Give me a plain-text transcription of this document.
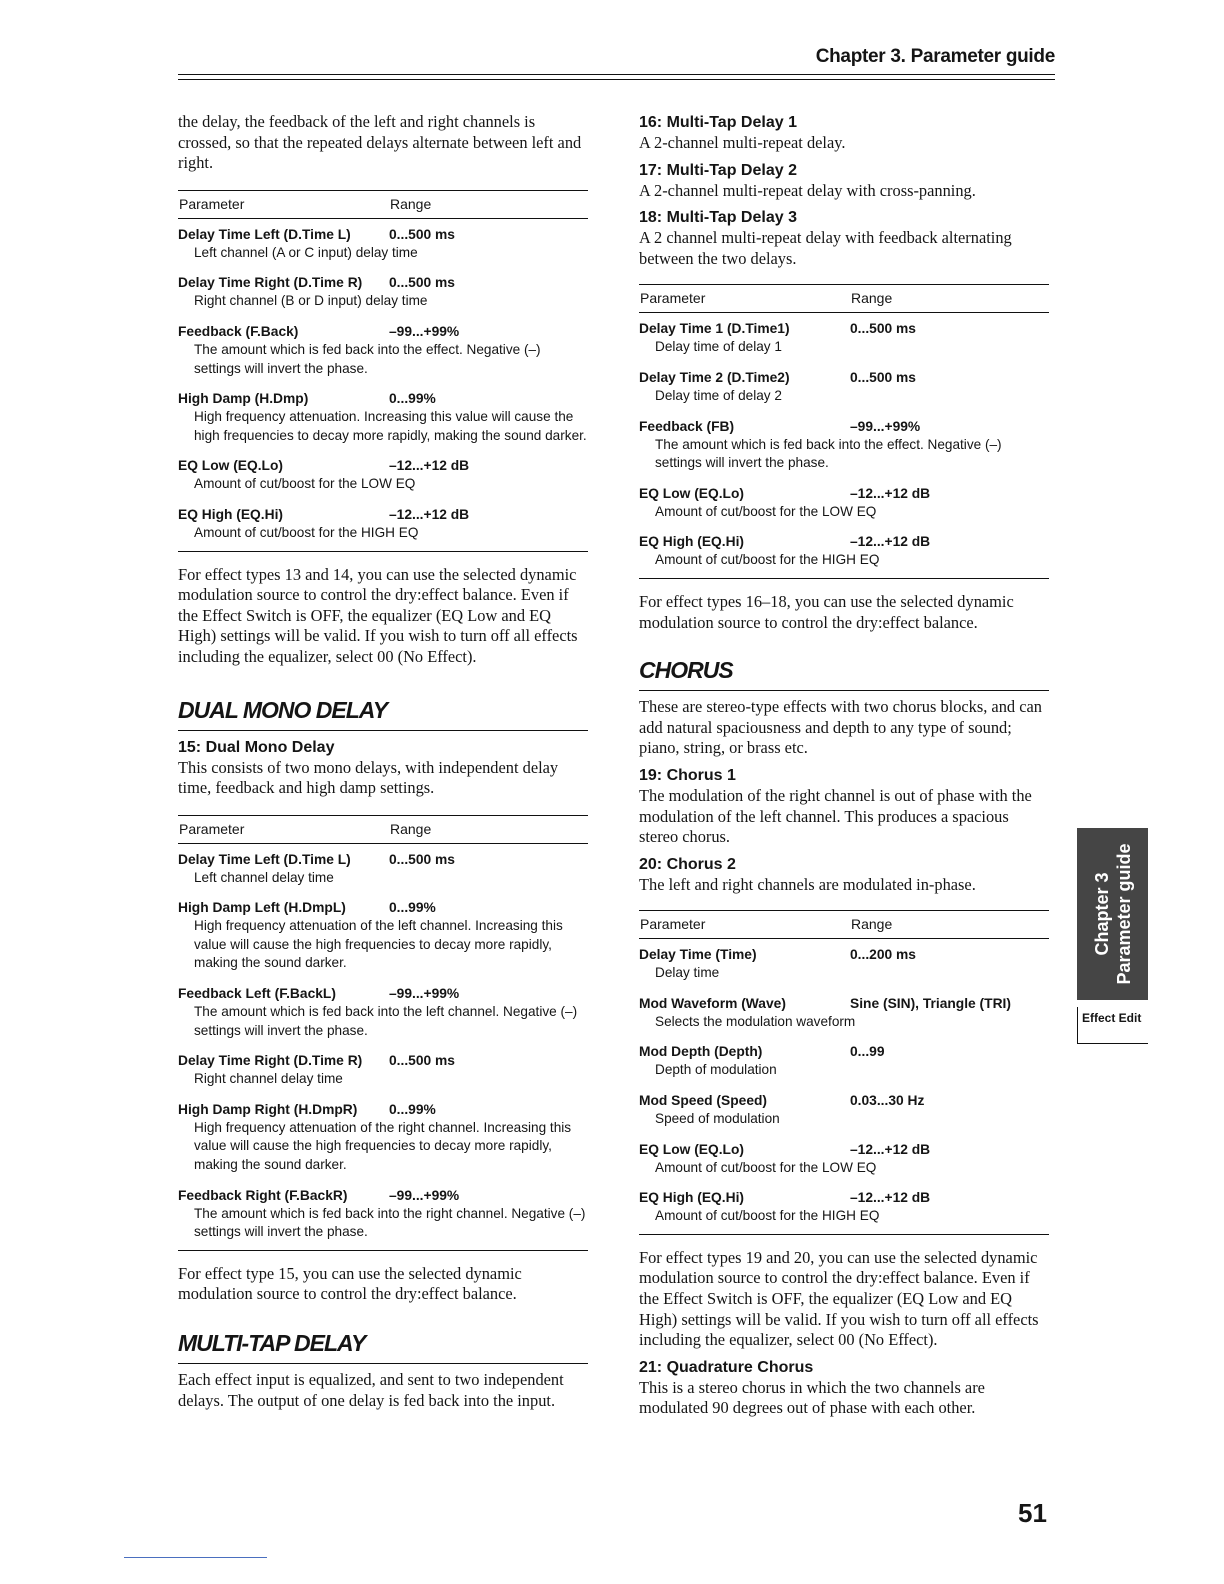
Chapter 3. Parameter guide

the delay, the feedback of the left and right channels is crossed, so that the repeated delays alternate between left and right.

Parameter	Range
Delay Time Left (D.Time L)	0...500 ms
Left channel (A or C input) delay time
Delay Time Right (D.Time R)	0...500 ms
Right channel (B or D input) delay time
Feedback (F.Back)	–99...+99%
The amount which is fed back into the effect. Negative (–) settings will invert the phase.
High Damp (H.Dmp)	0...99%
High frequency attenuation. Increasing this value will cause the high frequencies to decay more rapidly, making the sound darker.
EQ Low (EQ.Lo)	–12...+12 dB
Amount of cut/boost for the LOW EQ
EQ High (EQ.Hi)	–12...+12 dB
Amount of cut/boost for the HIGH EQ

For effect types 13 and 14, you can use the selected dynamic modulation source to control the dry:effect balance. Even if the Effect Switch is OFF, the equalizer (EQ Low and EQ High) settings will be valid. If you wish to turn off all effects including the equalizer, select 00 (No Effect).

DUAL MONO DELAY
15: Dual Mono Delay

This consists of two mono delays, with independent delay time, feedback and high damp settings.

Parameter	Range
Delay Time Left (D.Time L)	0...500 ms
Left channel delay time
High Damp Left (H.DmpL)	0...99%
High frequency attenuation of the left channel. Increasing this value will cause the high frequencies to decay more rapidly, making the sound darker.
Feedback Left (F.BackL)	–99...+99%
The amount which is fed back into the left channel. Negative (–) settings will invert the phase.
Delay Time Right (D.Time R)	0...500 ms
Right channel delay time
High Damp Right (H.DmpR)	0...99%
High frequency attenuation of the right channel. Increasing this value will cause the high frequencies to decay more rapidly, making the sound darker.
Feedback Right (F.BackR)	–99...+99%
The amount which is fed back into the right channel. Negative (–) settings will invert the phase.

For effect type 15, you can use the selected dynamic modulation source to control the dry:effect balance.

MULTI-TAP DELAY

Each effect input is equalized, and sent to two independent delays. The output of one delay is fed back into the input.

16: Multi-Tap Delay 1

A 2-channel multi-repeat delay.

17: Multi-Tap Delay 2

A 2-channel multi-repeat delay with cross-panning.

18: Multi-Tap Delay 3

A 2 channel multi-repeat delay with feedback alternating between the two delays.

Parameter	Range
Delay Time 1 (D.Time1)	0...500 ms
Delay time of delay 1
Delay Time 2 (D.Time2)	0...500 ms
Delay time of delay 2
Feedback (FB)	–99...+99%
The amount which is fed back into the effect. Negative (–) settings will invert the phase.
EQ Low (EQ.Lo)	–12...+12 dB
Amount of cut/boost for the LOW EQ
EQ High (EQ.Hi)	–12...+12 dB
Amount of cut/boost for the HIGH EQ

For effect types 16–18, you can use the selected dynamic modulation source to control the dry:effect balance.

CHORUS

These are stereo-type effects with two chorus blocks, and can add natural spaciousness and depth to any type of sound; piano, string, or brass etc.

19: Chorus 1

The modulation of the right channel is out of phase with the modulation of the left channel. This produces a spacious stereo chorus.

20: Chorus 2

The left and right channels are modulated in-phase.

Parameter	Range
Delay Time (Time)	0...200 ms
Delay time
Mod Waveform (Wave)	Sine (SIN), Triangle (TRI)
Selects the modulation waveform
Mod Depth (Depth)	0...99
Depth of modulation
Mod Speed (Speed)	0.03...30 Hz
Speed of modulation
EQ Low (EQ.Lo)	–12...+12 dB
Amount of cut/boost for the LOW EQ
EQ High (EQ.Hi)	–12...+12 dB
Amount of cut/boost for the HIGH EQ

For effect types 19 and 20, you can use the selected dynamic modulation source to control the dry:effect balance. Even if the Effect Switch is OFF, the equalizer (EQ Low and EQ High) settings will be valid. If you wish to turn off all effects including the equalizer, select 00 (No Effect).

21: Quadrature Chorus

This is a stereo chorus in which the two channels are modulated 90 degrees out of phase with each other.

Chapter 3 Parameter guide
Effect Edit
51
